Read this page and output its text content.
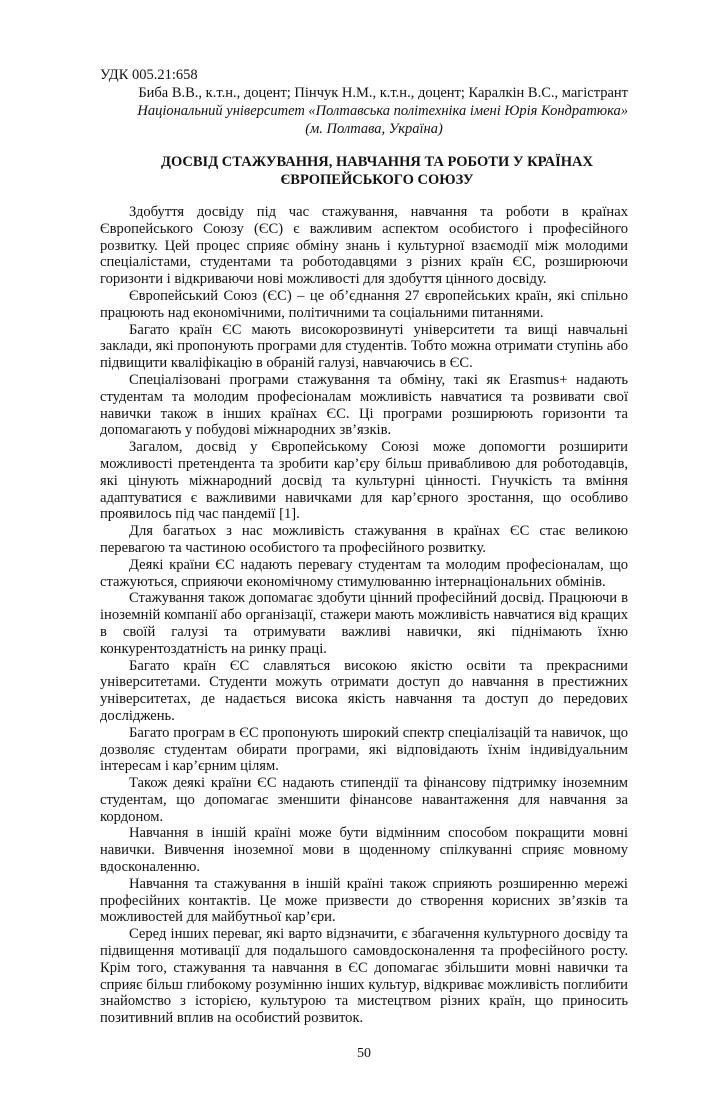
УДК 005.21:658
Биба В.В., к.т.н., доцент; Пінчук Н.М., к.т.н., доцент; Каралкін В.С., магістрант
Національний університет «Полтавська політехніка імені Юрія Кондратюка»
(м. Полтава, Україна)
ДОСВІД СТАЖУВАННЯ, НАВЧАННЯ ТА РОБОТИ У КРАЇНАХ
ЄВРОПЕЙСЬКОГО СОЮЗУ

Здобуття досвіду під час стажування, навчання та роботи в країнах Європейського Союзу (ЄС) є важливим аспектом особистого і професійного розвитку. Цей процес сприяє обміну знань і культурної взаємодії між молодими спеціалістами, студентами та роботодавцями з різних країн ЄС, розширюючи горизонти і відкриваючи нові можливості для здобуття цінного досвіду.

Європейський Союз (ЄС) – це об’єднання 27 європейських країн, які спільно працюють над економічними, політичними та соціальними питаннями.

Багато країн ЄС мають високорозвинуті університети та вищі навчальні заклади, які пропонують програми для студентів. Тобто можна отримати ступінь або підвищити кваліфікацію в обраній галузі, навчаючись в ЄС.

Спеціалізовані програми стажування та обміну, такі як Erasmus+ надають студентам та молодим професіоналам можливість навчатися та розвивати свої навички також в інших країнах ЄС. Ці програми розширюють горизонти та допомагають у побудові міжнародних зв’язків.

Загалом, досвід у Європейському Союзі може допомогти розширити можливості претендента та зробити кар’єру більш привабливою для роботодавців, які цінують міжнародний досвід та культурні цінності. Гнучкість та вміння адаптуватися є важливими навичками для кар’єрного зростання, що особливо проявилось під час пандемії [1].

Для багатьох з нас можливість стажування в країнах ЄС стає великою перевагою та частиною особистого та професійного розвитку.

Деякі країни ЄС надають перевагу студентам та молодим професіоналам, що стажуються, сприяючи економічному стимулюванню інтернаціональних обмінів.

Стажування також допомагає здобути цінний професійний досвід. Працюючи в іноземній компанії або організації, стажери мають можливість навчатися від кращих в своїй галузі та отримувати важливі навички, які піднімають їхню конкурентоздатність на ринку праці.

Багато країн ЄС славляться високою якістю освіти та прекрасними університетами. Студенти можуть отримати доступ до навчання в престижних університетах, де надається висока якість навчання та доступ до передових досліджень.

Багато програм в ЄС пропонують широкий спектр спеціалізацій та навичок, що дозволяє студентам обирати програми, які відповідають їхнім індивідуальним інтересам і кар’єрним цілям.

Також деякі країни ЄС надають стипендії та фінансову підтримку іноземним студентам, що допомагає зменшити фінансове навантаження для навчання за кордоном.

Навчання в іншій країні може бути відмінним способом покращити мовні навички. Вивчення іноземної мови в щоденному спілкуванні сприяє мовному вдосконаленню.

Навчання та стажування в іншій країні також сприяють розширенню мережі професійних контактів. Це може призвести до створення корисних зв’язків та можливостей для майбутньої кар’єри.

Серед інших переваг, які варто відзначити, є збагачення культурного досвіду та підвищення мотивації для подальшого самовдосконалення та професійного росту. Крім того, стажування та навчання в ЄС допомагає збільшити мовні навички та сприяє більш глибокому розумінню інших культур, відкриває можливість поглибити знайомство з історією, культурою та мистецтвом різних країн, що приносить позитивний вплив на особистий розвиток.

50
